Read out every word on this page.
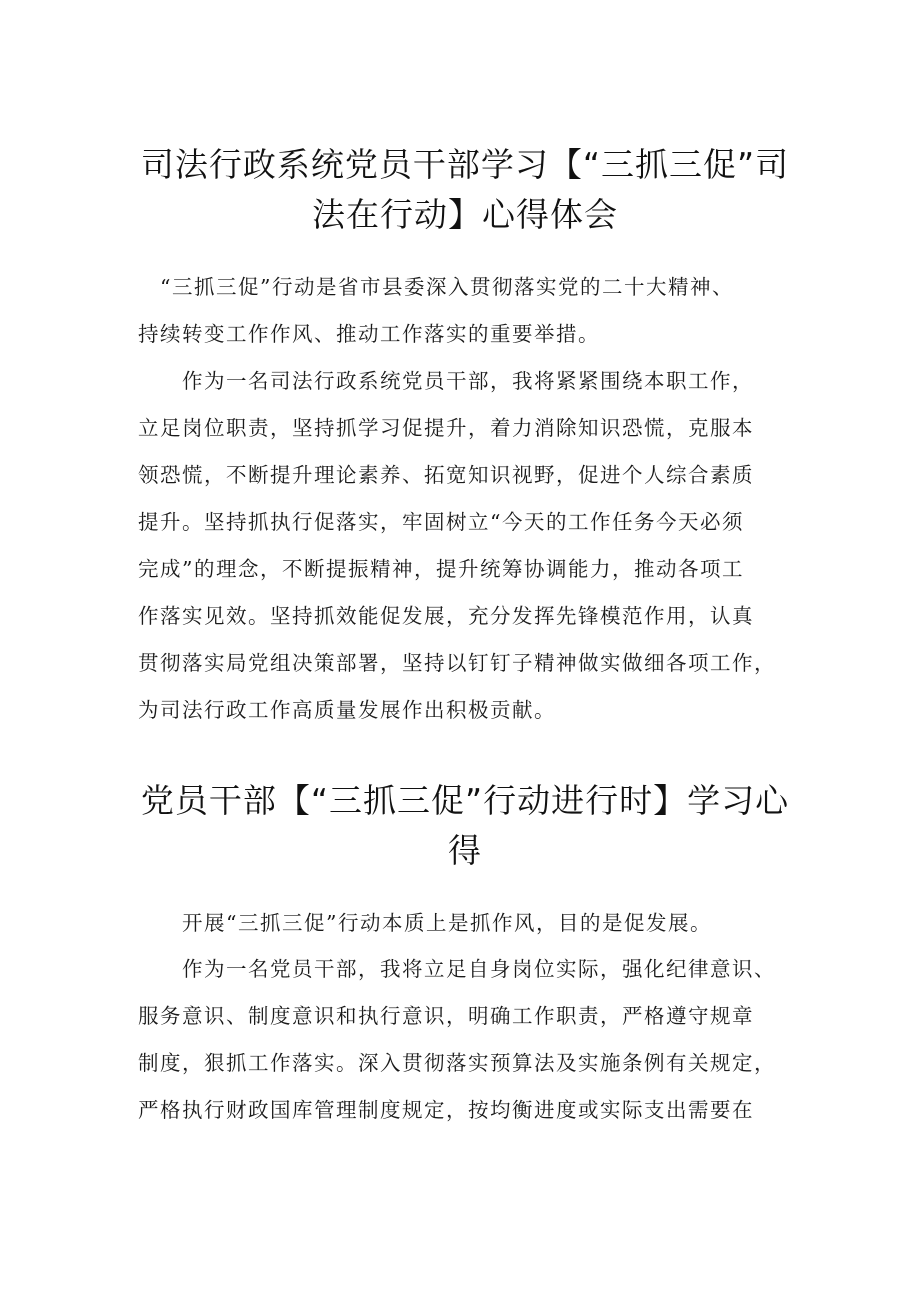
司法行政系统党员干部学习【“三抓三促”司
法在行动】心得体会

　“三抓三促”行动是省市县委深入贯彻落实党的二十大精神、
持续转变工作作风、推动工作落实的重要举措。

　　作为一名司法行政系统党员干部，我将紧紧围绕本职工作，
立足岗位职责，坚持抓学习促提升，着力消除知识恐慌，克服本
领恐慌，不断提升理论素养、拓宽知识视野，促进个人综合素质
提升。坚持抓执行促落实，牢固树立“今天的工作任务今天必须
完成”的理念，不断提振精神，提升统筹协调能力，推动各项工
作落实见效。坚持抓效能促发展，充分发挥先锋模范作用，认真
贯彻落实局党组决策部署，坚持以钉钉子精神做实做细各项工作，
为司法行政工作高质量发展作出积极贡献。

党员干部【“三抓三促”行动进行时】学习心
得

　　开展“三抓三促”行动本质上是抓作风，目的是促发展。

　　作为一名党员干部，我将立足自身岗位实际，强化纪律意识、
服务意识、制度意识和执行意识，明确工作职责，严格遵守规章
制度，狠抓工作落实。深入贯彻落实预算法及实施条例有关规定，
严格执行财政国库管理制度规定，按均衡进度或实际支出需要在
